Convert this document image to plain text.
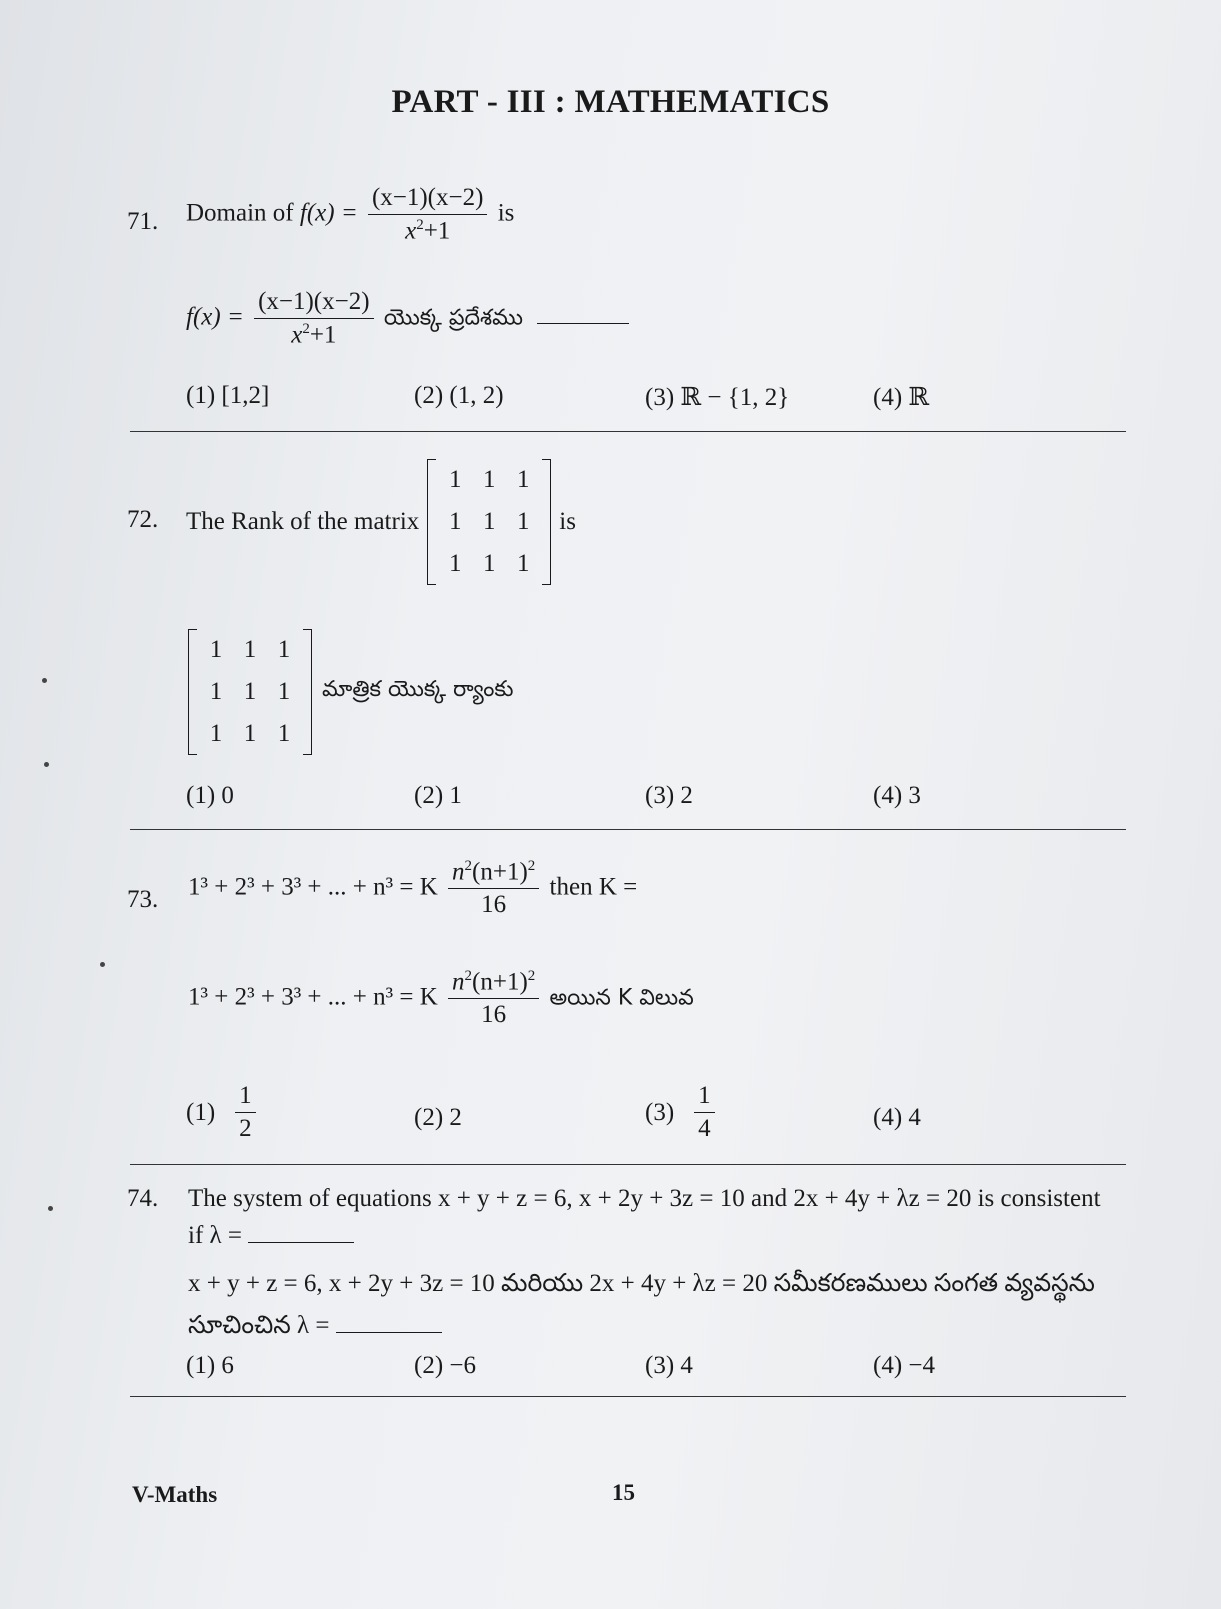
PART - III : MATHEMATICS
71. Domain of $f(x) = \frac{(x-1)(x-2)}{x^2+1}$ is
$f(x) = \frac{(x-1)(x-2)}{x^2+1}$ యొక్క ప్రదేశము
(1) [1,2]	(2) (1, 2)	(3) ℝ − {1, 2}	(4) ℝ
72. The Rank of the matrix
1 1 1
1 1 1
1 1 1
is
1 1 1
1 1 1
1 1 1
మాత్రిక యొక్క ర్యాంకు
(1) 0	(2) 1	(3) 2	(4) 3
73. 1³ + 2³ + 3³ + ... + n³ = K $\frac{n^2(n+1)^2}{16}$ then K =
1³ + 2³ + 3³ + ... + n³ = K $\frac{n^2(n+1)^2}{16}$ అయిన K విలువ
$(1) \frac{1}{2}$	(2) 2	$(3) \frac{1}{4}$	(4) 4
74. The system of equations x + y + z = 6, x + 2y + 3z = 10 and 2x + 4y + λz = 20 is consistent
if λ =
x + y + z = 6, x + 2y + 3z = 10 మరియు 2x + 4y + λz = 20 సమీకరణములు సంగత వ్యవస్థను
సూచించిన λ =
(1) 6	(2) −6	(3) 4	(4) −4
V-Maths	15
